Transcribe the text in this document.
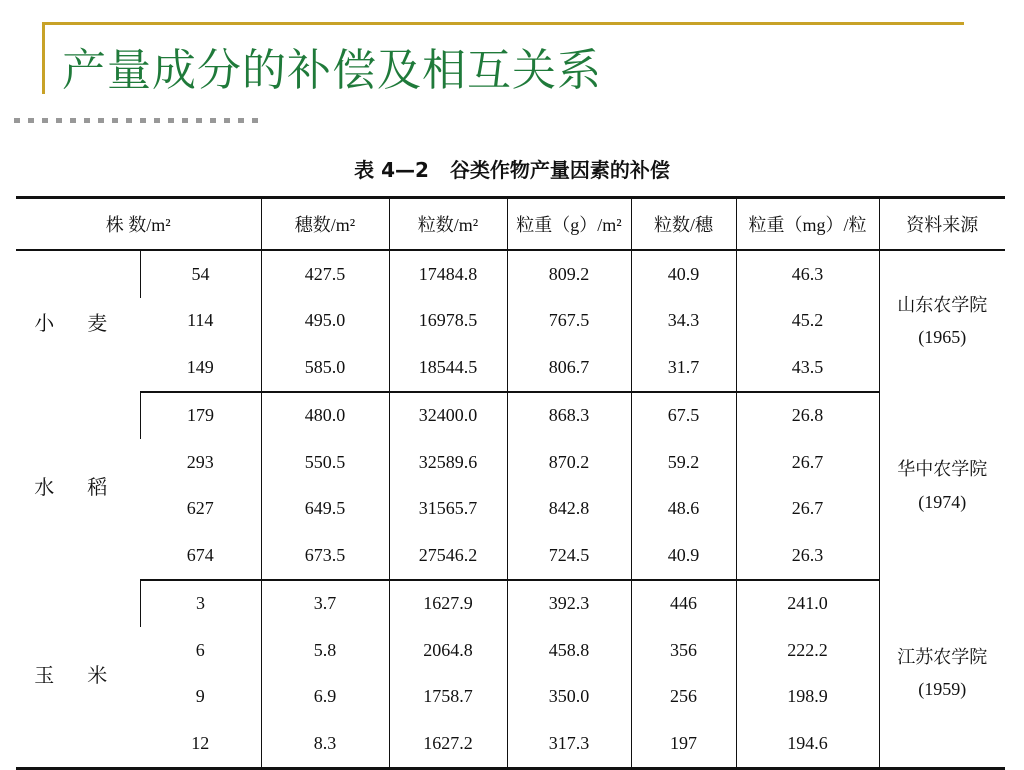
产量成分的补偿及相互关系
表 4—2   谷类作物产量因素的补偿
株 数/m²		穗数/m²	粒数/m²	粒重（g）/m²	粒数/穗	粒重（mg）/粒	资料来源
小 麦	54	427.5	17484.8	809.2	40.9	46.3	山东农学院
(1965)

	114	495.0	16978.5	767.5	34.3	45.2	
	149	585.0	18544.5	806.7	31.7	43.5	
水 稻	179	480.0	32400.0	868.3	67.5	26.8	华中农学院
(1974)

	293	550.5	32589.6	870.2	59.2	26.7	
	627	649.5	31565.7	842.8	48.6	26.7	
	674	673.5	27546.2	724.5	40.9	26.3	
玉 米	3	3.7	1627.9	392.3	446	241.0	江苏农学院
(1959)

	6	5.8	2064.8	458.8	356	222.2	
	9	6.9	1758.7	350.0	256	198.9	
	12	8.3	1627.2	317.3	197	194.6	
